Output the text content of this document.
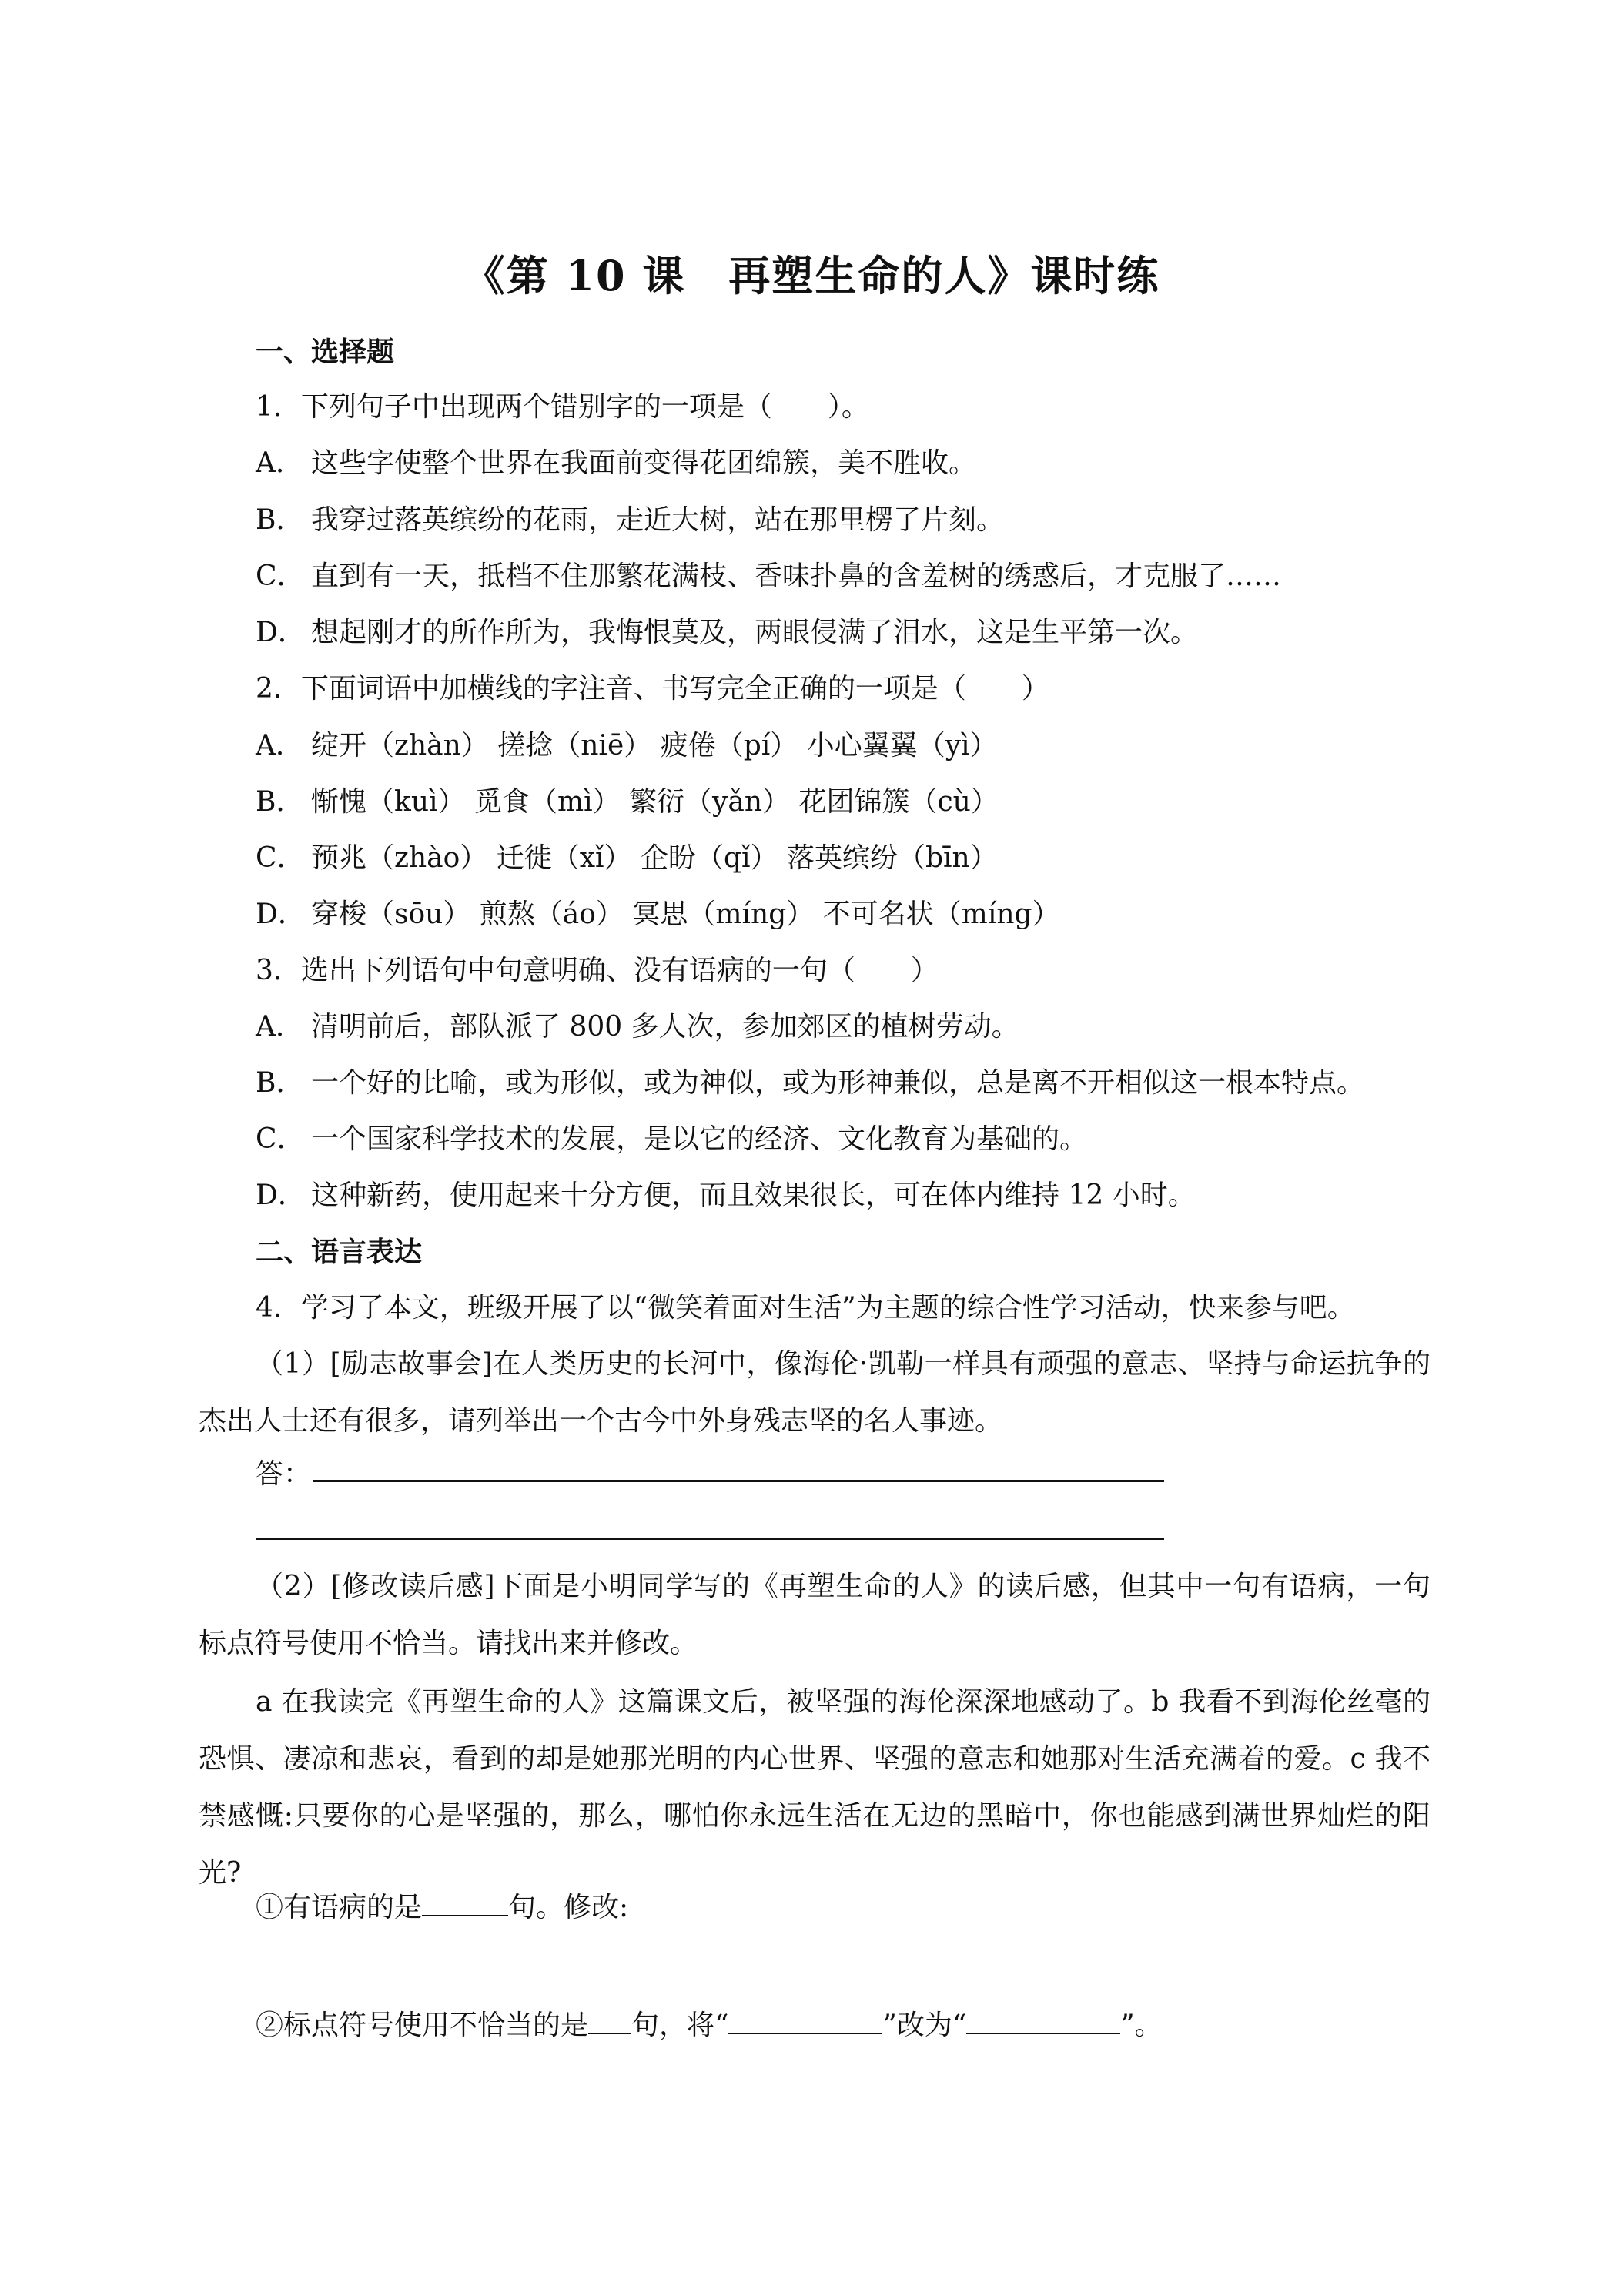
《第 10 课　再塑生命的人》课时练
一、选择题
1．下列句子中出现两个错别字的一项是（　　）。
A． 这些字使整个世界在我面前变得花团绵簇，美不胜收。
B． 我穿过落英缤纷的花雨，走近大树，站在那里楞了片刻。
C． 直到有一天，抵档不住那繁花满枝、香味扑鼻的含羞树的绣惑后，才克服了……
D． 想起刚才的所作所为，我悔恨莫及，两眼侵满了泪水，这是生平第一次。
2．下面词语中加横线的字注音、书写完全正确的一项是（　　）
A． 绽开（zhàn） 搓捻（niē） 疲倦（pí） 小心翼翼（yì）
B． 惭愧（kuì） 觅食（mì） 繁衍（yǎn） 花团锦簇（cù）
C． 预兆（zhào） 迁徙（xǐ） 企盼（qǐ） 落英缤纷（bīn）
D． 穿梭（sōu） 煎熬（áo） 冥思（míng） 不可名状（míng）
3．选出下列语句中句意明确、没有语病的一句（　　）
A． 清明前后，部队派了 800 多人次，参加郊区的植树劳动。
B． 一个好的比喻，或为形似，或为神似，或为形神兼似，总是离不开相似这一根本特点。
C． 一个国家科学技术的发展，是以它的经济、文化教育为基础的。
D． 这种新药，使用起来十分方便，而且效果很长，可在体内维持 12 小时。
二、语言表达
4．学习了本文，班级开展了以“微笑着面对生活”为主题的综合性学习活动，快来参与吧。
（1）[励志故事会]在人类历史的长河中，像海伦·凯勒一样具有顽强的意志、坚持与命运抗争的杰出人士还有很多，请列举出一个古今中外身残志坚的名人事迹。
答：
（2）[修改读后感]下面是小明同学写的《再塑生命的人》的读后感，但其中一句有语病，一句标点符号使用不恰当。请找出来并修改。
a 在我读完《再塑生命的人》这篇课文后，被坚强的海伦深深地感动了。b 我看不到海伦丝毫的恐惧、凄凉和悲哀，看到的却是她那光明的内心世界、坚强的意志和她那对生活充满着的爱。c 我不禁感慨:只要你的心是坚强的，那么，哪怕你永远生活在无边的黑暗中，你也能感到满世界灿烂的阳光?
①有语病的是	句。修改:
②标点符号使用不恰当的是 句，将“	”改为“	”。
